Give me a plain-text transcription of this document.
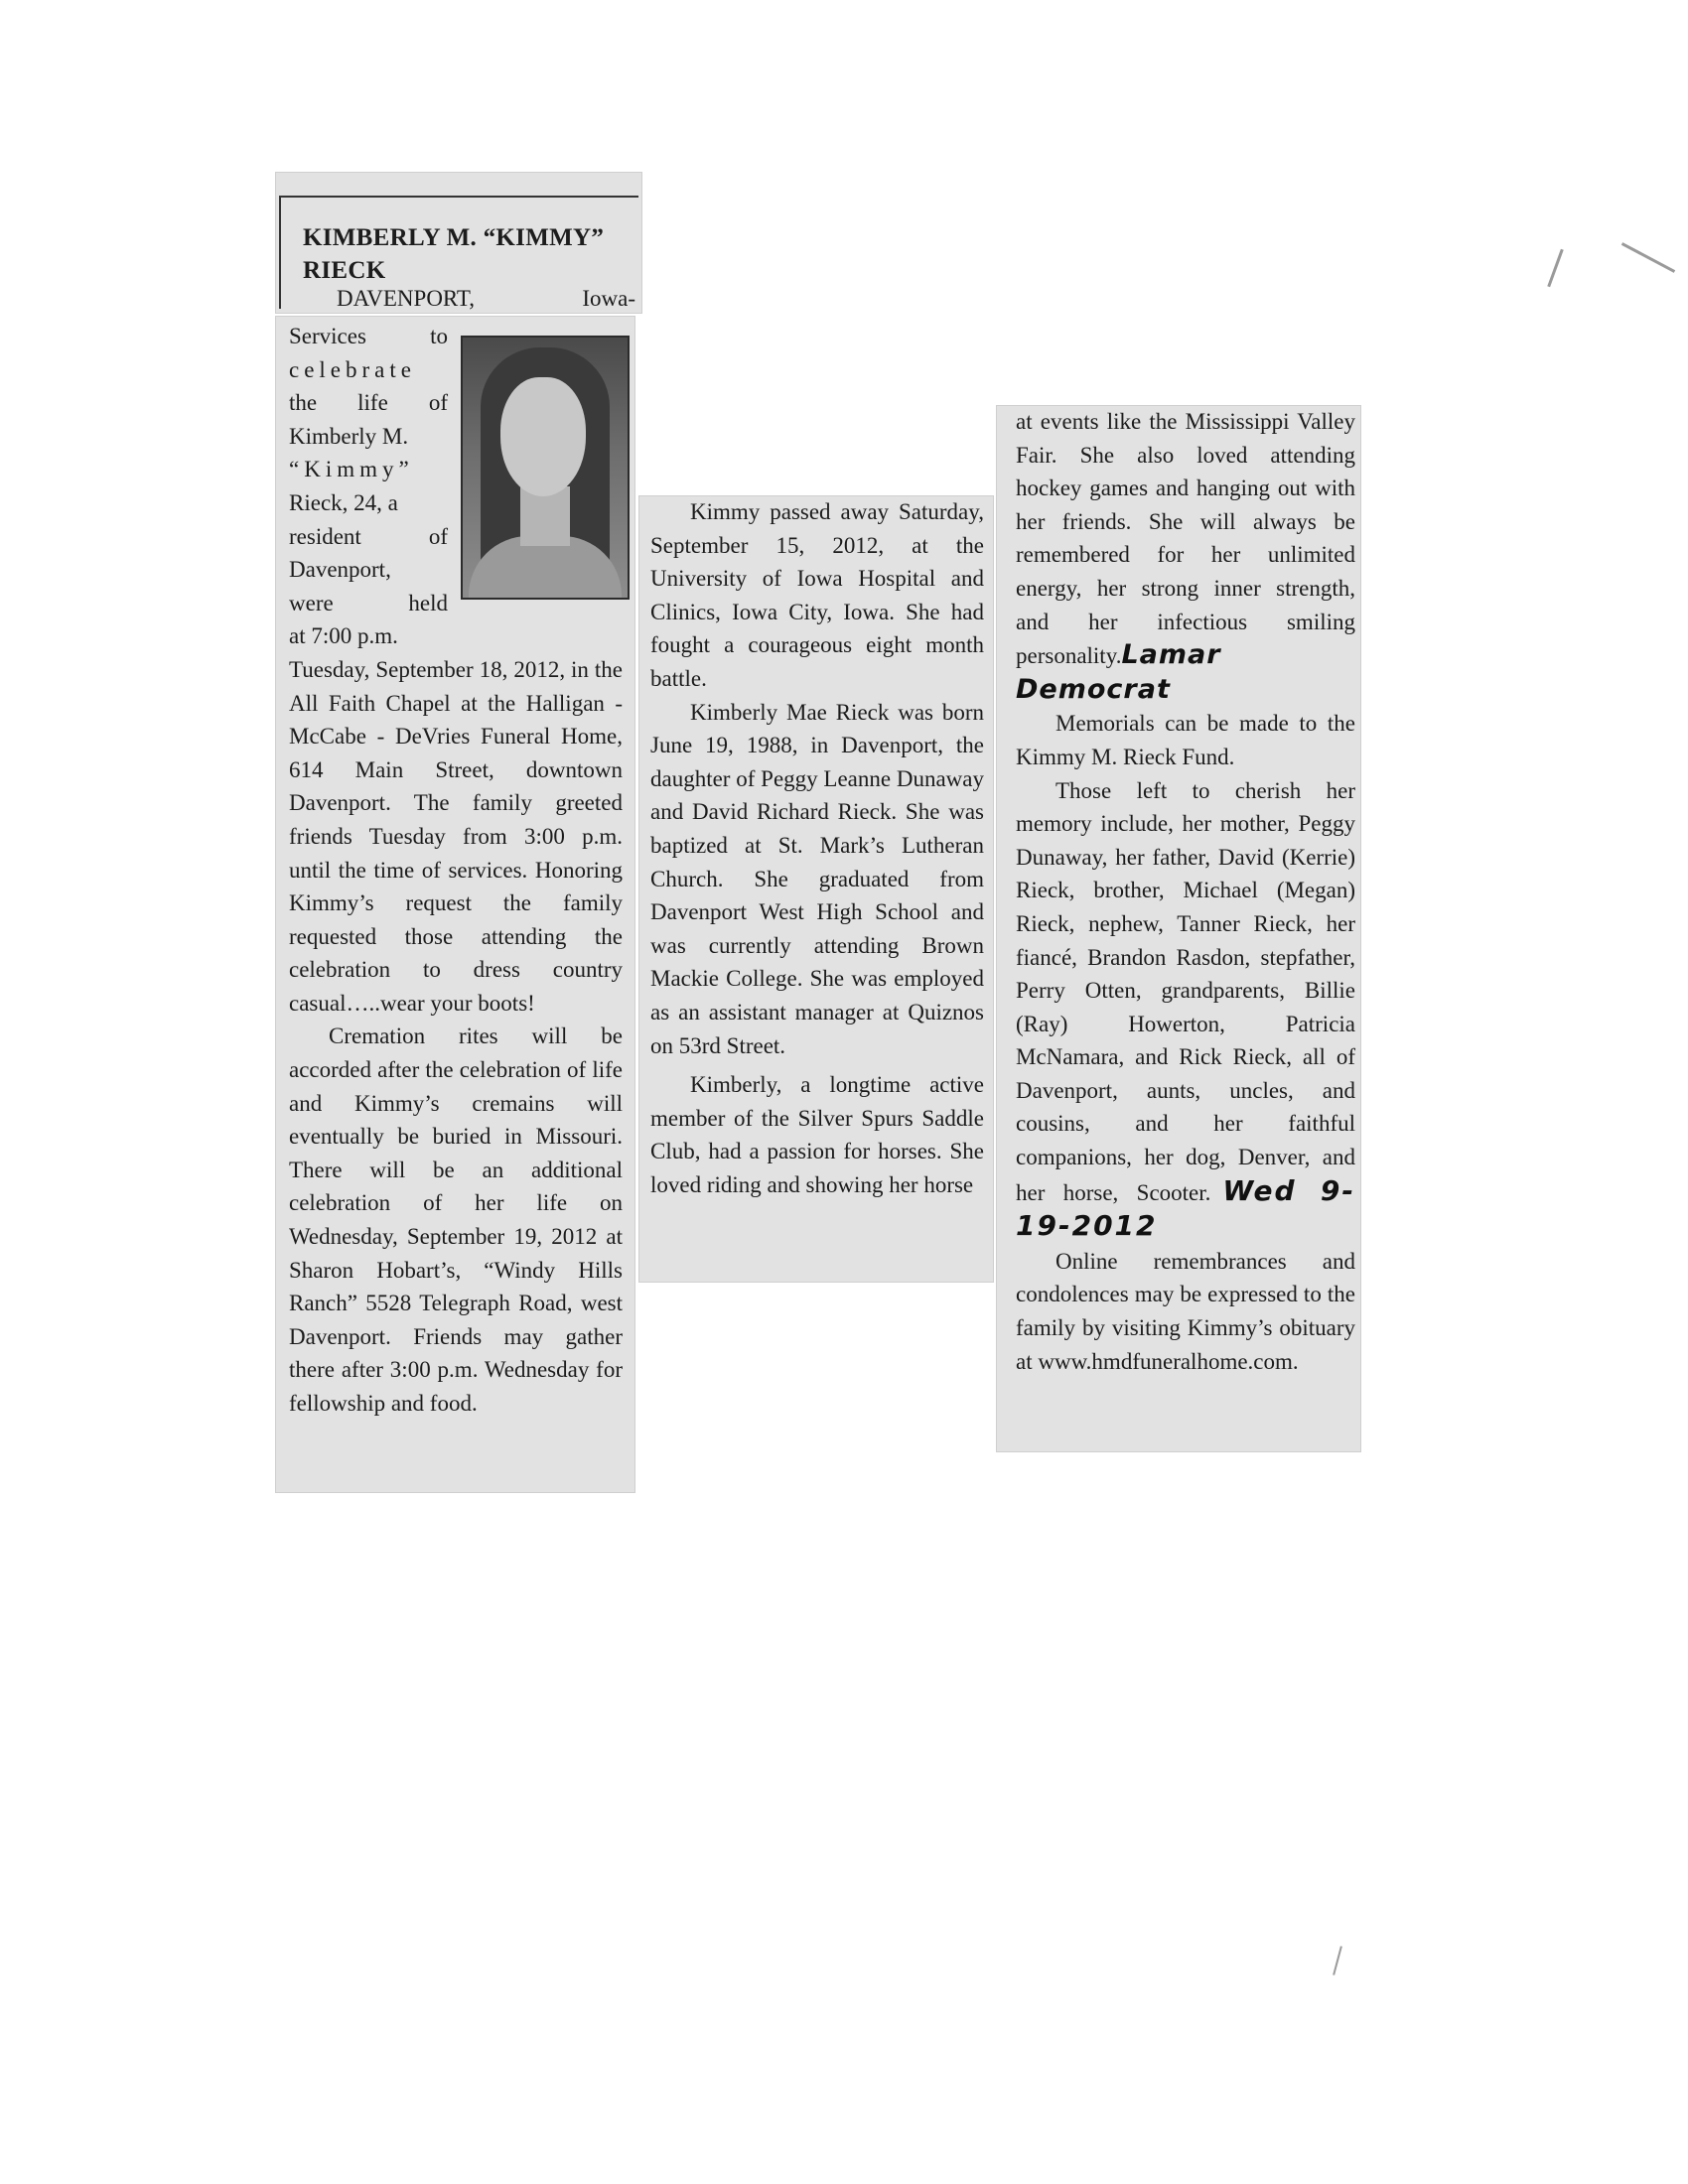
KIMBERLY M. “KIMMY” RIECK
DAVENPORT, Iowa-
Services to
celebrate
the life of
Kimberly M.
“Kimmy”
Rieck, 24, a
resident of
Davenport,
were held
at 7:00 p.m.

Tuesday, September 18, 2012, in the All Faith Chapel at the Halligan - McCabe - DeVries Funeral Home, 614 Main Street, downtown Davenport. The family greeted friends Tuesday from 3:00 p.m. until the time of services. Honoring Kimmy’s request the family requested those attending the celebration to dress country casual…..wear your boots!

Cremation rites will be accorded after the celebration of life and Kimmy’s cremains will eventually be buried in Missouri. There will be an additional celebration of her life on Wednesday, September 19, 2012 at Sharon Hobart’s, “Windy Hills Ranch” 5528 Telegraph Road, west Davenport. Friends may gather there after 3:00 p.m. Wednesday for fellowship and food.

Kimmy passed away Saturday, September 15, 2012, at the University of Iowa Hospital and Clinics, Iowa City, Iowa. She had fought a courageous eight month battle.

Kimberly Mae Rieck was born June 19, 1988, in Davenport, the daughter of Peggy Leanne Dunaway and David Richard Rieck. She was baptized at St. Mark’s Lutheran Church. She graduated from Davenport West High School and was currently attending Brown Mackie College. She was employed as an assistant manager at Quiznos on 53rd Street.

Kimberly, a longtime active member of the Silver Spurs Saddle Club, had a passion for horses. She loved riding and showing her horse

at events like the Mississippi Valley Fair. She also loved attending hockey games and hanging out with her friends. She will always be remembered for her unlimited energy, her strong inner strength, and her infectious smiling personality.Lamar Democrat

Memorials can be made to the Kimmy M. Rieck Fund.

Those left to cherish her memory include, her mother, Peggy Dunaway, her father, David (Kerrie) Rieck, brother, Michael (Megan) Rieck, nephew, Tanner Rieck, her fiancé, Brandon Rasdon, stepfather, Perry Otten, grandparents, Billie (Ray) Howerton, Patricia McNamara, and Rick Rieck, all of Davenport, aunts, uncles, and cousins, and her faithful companions, her dog, Denver, and her horse, Scooter. Wed 9-19-2012

Online remembrances and condolences may be expressed to the family by visiting Kimmy’s obituary at www.hmdfuneralhome.com.
